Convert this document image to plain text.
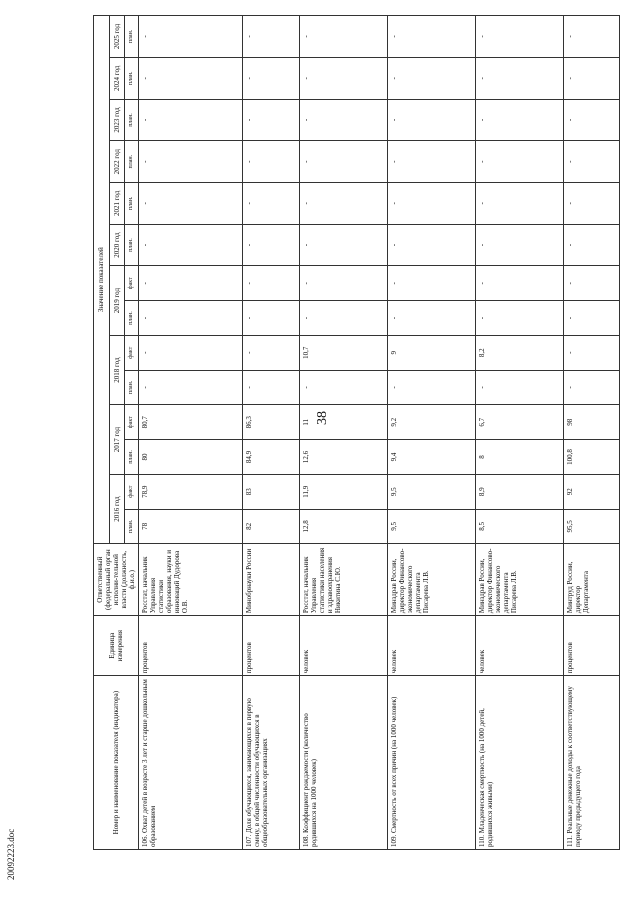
38
20092223.doc
Номер и наименование показателя (индикатора)	Единица измерения	Ответственный (федеральный орган исполни-тельной власти (должность, ф.и.о.)	Значение показателей													
			2016 год		2017 год		2018 год		2019 год		2020 год	2021 год	2022 год	2023 год	2024 год	2025 год
			план.	факт	план.	факт	план.	факт	план.	факт	план.	план.	план.	план.	план.	план.
106. Охват детей в возрасте 3 лет и старше дошкольным образованием	процентов	Росстат, начальник Управления статистики образования, науки и инноваций Дудорова О.В.	78	78,9	80	80,7	-	-	-	-	-	-	-	-	-	-
107. Доля обучающихся, занимающихся в первую смену, в общей численности обучающихся в общеобразовательных организациях	процентов	Минобрнауки России	82	83	84,9	86,3	-	-	-	-	-	-	-	-	-	-
108. Коэффициент рождаемости (количество родившихся на 1000 человек)	человек	Росстат, начальник Управления статистики населения и здравоохранения Никитина С.Ю.	12,8	11,9	12,6	11	-	10,7	-	-	-	-	-	-	-	-
109. Смертность от всех причин (на 1000 человек)	человек	Минздрав России, директор Финансово-экономического департамента Писарева Л.В.	9,5	9,5	9,4	9,2	-	9	-	-	-	-	-	-	-	-
110. Младенческая смертность (на 1000 детей, родившихся живыми)	человек	Минздрав России, директор Финансово-экономического департамента Писарева Л.В.	8,5	8,9	8	6,7	-	8,2	-	-	-	-	-	-	-	-
111. Реальные денежные доходы к соответствующему периоду предыдущего года	процентов	Минтруд России, директор Департамента	95,5	92	100,8	98	-	-	-	-	-	-	-	-	-	-
